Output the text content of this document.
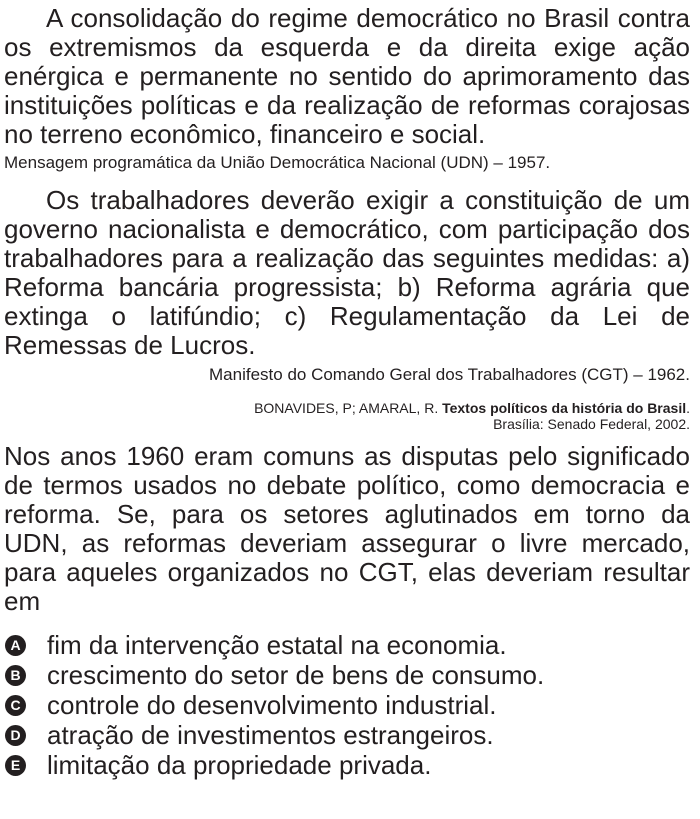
A consolidação do regime democrático no Brasil contra os extremismos da esquerda e da direita exige ação enérgica e permanente no sentido do aprimoramento das instituições políticas e da realização de reformas corajosas no terreno econômico, financeiro e social.

Mensagem programática da União Democrática Nacional (UDN) – 1957.

Os trabalhadores deverão exigir a constituição de um governo nacionalista e democrático, com participação dos trabalhadores para a realização das seguintes medidas: a) Reforma bancária progressista; b) Reforma agrária que extinga o latifúndio; c) Regulamentação da Lei de Remessas de Lucros.

Manifesto do Comando Geral dos Trabalhadores (CGT) – 1962.

BONAVIDES, P; AMARAL, R. Textos políticos da história do Brasil.
Brasília: Senado Federal, 2002.

Nos anos 1960 eram comuns as disputas pelo significado de termos usados no debate político, como democracia e reforma. Se, para os setores aglutinados em torno da UDN, as reformas deveriam assegurar o livre mercado, para aqueles organizados no CGT, elas deveriam resultar em

A fim da intervenção estatal na economia.
B crescimento do setor de bens de consumo.
C controle do desenvolvimento industrial.
D atração de investimentos estrangeiros.
E limitação da propriedade privada.
